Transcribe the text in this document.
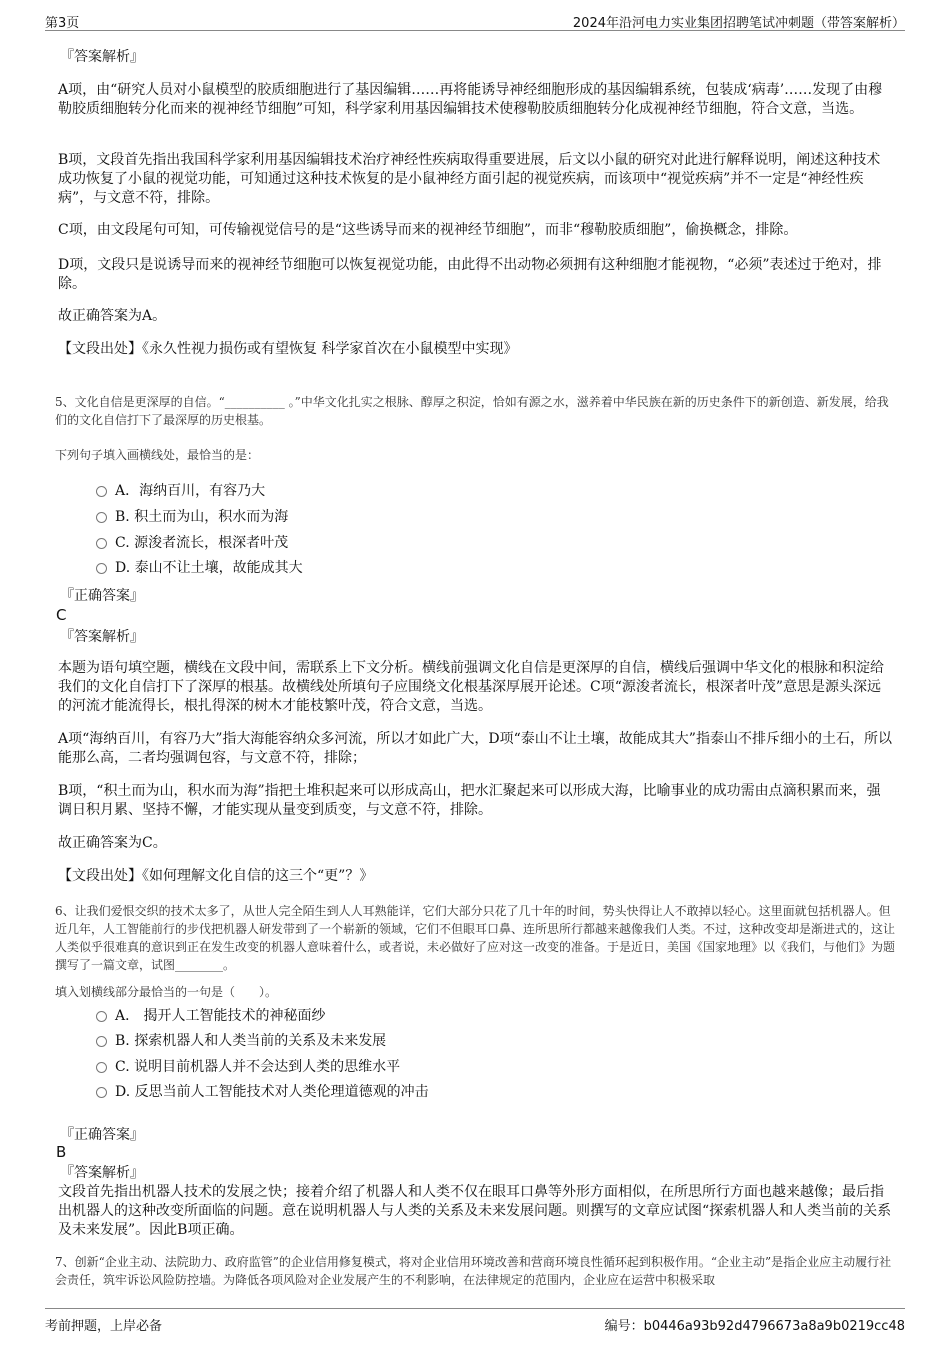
第3页	2024年沿河电力实业集团招聘笔试冲刺题（带答案解析）
『答案解析』

A项，由“研究人员对小鼠模型的胶质细胞进行了基因编辑……再将能诱导神经细胞形成的基因编辑系统，包装成‘病毒’……发现了由穆勒胶质细胞转分化而来的视神经节细胞”可知，科学家利用基因编辑技术使穆勒胶质细胞转分化成视神经节细胞，符合文意，当选。

B项，文段首先指出我国科学家利用基因编辑技术治疗神经性疾病取得重要进展，后文以小鼠的研究对此进行解释说明，阐述这种技术成功恢复了小鼠的视觉功能，可知通过这种技术恢复的是小鼠神经方面引起的视觉疾病，而该项中“视觉疾病”并不一定是“神经性疾病”，与文意不符，排除。

C项，由文段尾句可知，可传输视觉信号的是“这些诱导而来的视神经节细胞”，而非“穆勒胶质细胞”，偷换概念，排除。

D项，文段只是说诱导而来的视神经节细胞可以恢复视觉功能，由此得不出动物必须拥有这种细胞才能视物，“必须”表述过于绝对，排除。

故正确答案为A。

【文段出处】《永久性视力损伤或有望恢复 科学家首次在小鼠模型中实现》

5、文化自信是更深厚的自信。“__________ 。”中华文化扎实之根脉、醇厚之积淀，恰如有源之水，滋养着中华民族在新的历史条件下的新创造、新发展，给我们的文化自信打下了最深厚的历史根基。

下列句子填入画横线处，最恰当的是：

A．海纳百川，有容乃大
B. 积土而为山，积水而为海
C. 源浚者流长，根深者叶茂
D. 泰山不让土壤，故能成其大
『正确答案』
C
『答案解析』

本题为语句填空题，横线在文段中间，需联系上下文分析。横线前强调文化自信是更深厚的自信，横线后强调中华文化的根脉和积淀给我们的文化自信打下了深厚的根基。故横线处所填句子应围绕文化根基深厚展开论述。C项“源浚者流长，根深者叶茂”意思是源头深远的河流才能流得长，根扎得深的树木才能枝繁叶茂，符合文意，当选。

A项“海纳百川，有容乃大”指大海能容纳众多河流，所以才如此广大，D项“泰山不让土壤，故能成其大”指泰山不排斥细小的土石，所以能那么高，二者均强调包容，与文意不符，排除；

B项，“积土而为山，积水而为海”指把土堆积起来可以形成高山，把水汇聚起来可以形成大海，比喻事业的成功需由点滴积累而来，强调日积月累、坚持不懈，才能实现从量变到质变，与文意不符，排除。

故正确答案为C。

【文段出处】《如何理解文化自信的这三个“更”？》

6、让我们爱恨交织的技术太多了，从世人完全陌生到人人耳熟能详，它们大部分只花了几十年的时间，势头快得让人不敢掉以轻心。这里面就包括机器人。但近几年，人工智能前行的步伐把机器人研发带到了一个崭新的领域，它们不但眼耳口鼻、连所思所行都越来越像我们人类。不过，这种改变却是渐进式的，这让人类似乎很难真的意识到正在发生改变的机器人意味着什么，或者说，未必做好了应对这一改变的准备。于是近日，美国《国家地理》以《我们，与他们》为题撰写了一篇文章，试图________。

填入划横线部分最恰当的一句是（　　）。

A． 揭开人工智能技术的神秘面纱
B. 探索机器人和人类当前的关系及未来发展
C. 说明目前机器人并不会达到人类的思维水平
D. 反思当前人工智能技术对人类伦理道德观的冲击
『正确答案』
B
『答案解析』

文段首先指出机器人技术的发展之快；接着介绍了机器人和人类不仅在眼耳口鼻等外形方面相似，在所思所行方面也越来越像；最后指出机器人的这种改变所面临的问题。意在说明机器人与人类的关系及未来发展问题。则撰写的文章应试图“探索机器人和人类当前的关系及未来发展”。因此B项正确。

7、创新“企业主动、法院助力、政府监管”的企业信用修复模式，将对企业信用环境改善和营商环境良性循环起到积极作用。“企业主动”是指企业应主动履行社会责任，筑牢诉讼风险防控墙。为降低各项风险对企业发展产生的不利影响，在法律规定的范围内，企业应在运营中积极采取

考前押题，上岸必备	编号：b0446a93b92d4796673a8a9b0219cc48
